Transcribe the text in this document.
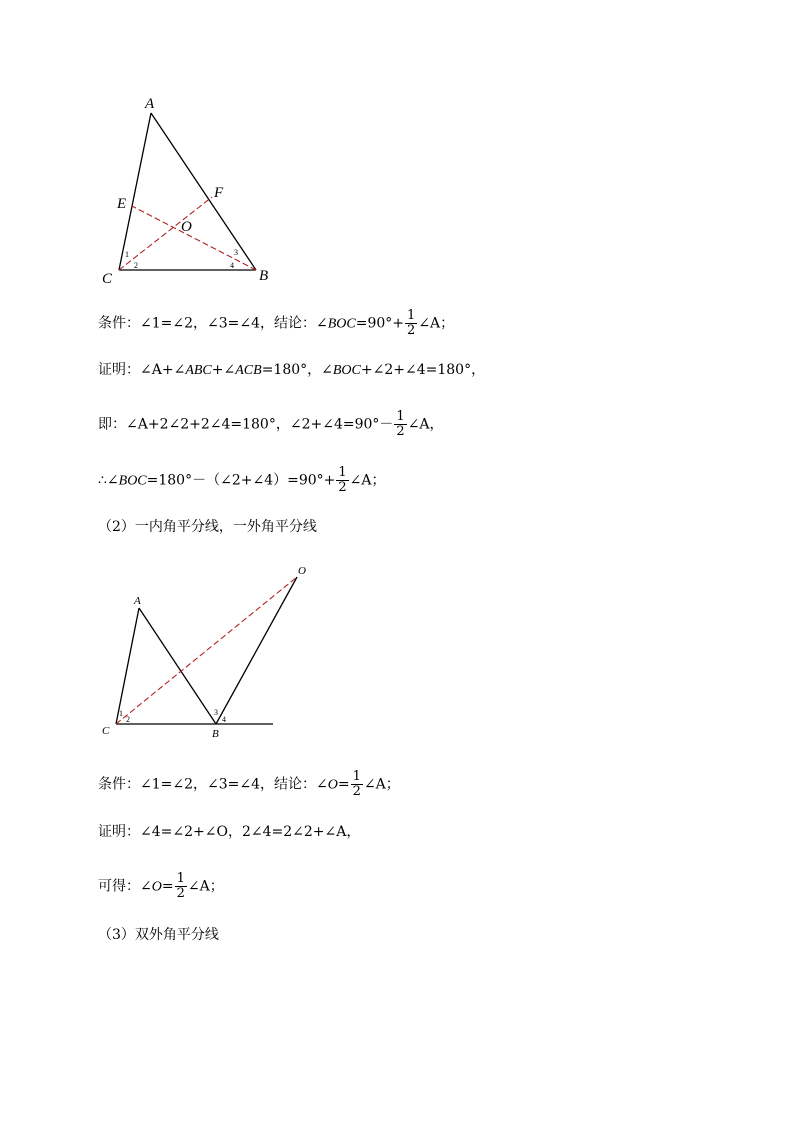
A
E
F
O
C	B
1
2
3
4
条件：∠1=∠2，∠3=∠4，结论：∠BOC=90°+ $\frac{1}{2}$ ∠A；
证明：∠A+∠ABC+∠ACB=180°，∠BOC+∠2+∠4=180°，
即：∠A+2∠2+2∠4=180°，∠2+∠4=90°－ $\frac{1}{2}$ ∠A，
∴∠BOC=180°－（∠2+∠4）=90°+ $\frac{1}{2}$ ∠A；
（2）一内角平分线，一外角平分线
A
O
C	B
1
2
3
4
条件：∠1=∠2，∠3=∠4，结论：∠O= $\frac{1}{2}$ ∠A；
证明：∠4=∠2+∠O，2∠4=2∠2+∠A，
可得：∠O= $\frac{1}{2}$ ∠A；
（3）双外角平分线
